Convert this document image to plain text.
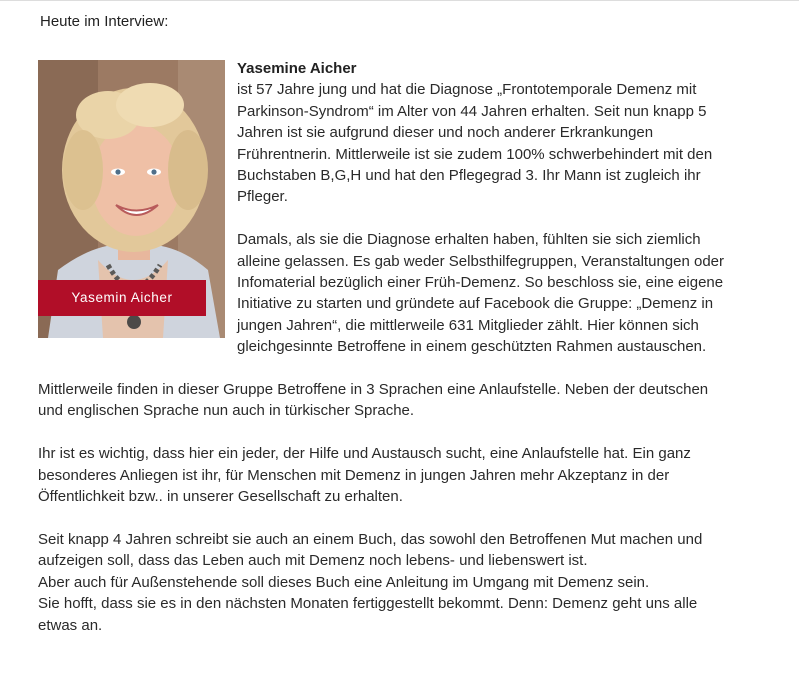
Heute im Interview:
Yasemin Aicher
Yasemine Aicher

ist 57 Jahre jung und hat die Diagnose „Frontotemporale Demenz mit Parkinson-Syndrom“ im Alter von 44 Jahren erhalten. Seit nun knapp 5 Jahren ist sie aufgrund dieser und noch anderer Erkrankungen Frührentnerin. Mittlerweile ist sie zudem 100% schwerbehindert mit den Buchstaben B,G,H und hat den Pflegegrad 3. Ihr Mann ist zugleich ihr Pfleger.

Damals, als sie die Diagnose erhalten haben, fühlten sie sich ziemlich alleine gelassen. Es gab weder Selbsthilfegruppen, Veranstaltungen oder Infomaterial bezüglich einer Früh-Demenz. So beschloss sie, eine eigene Initiative zu starten und gründete auf Facebook die Gruppe: „Demenz in jungen Jahren“, die mittlerweile 631 Mitglieder zählt. Hier können sich gleichgesinnte Betroffene in einem geschützten Rahmen austauschen.

Mittlerweile finden in dieser Gruppe Betroffene in 3 Sprachen eine Anlaufstelle. Neben der deutschen und englischen Sprache nun auch in türkischer Sprache.

Ihr ist es wichtig, dass hier ein jeder, der Hilfe und Austausch sucht, eine Anlaufstelle hat. Ein ganz besonderes Anliegen ist ihr, für Menschen mit Demenz in jungen Jahren mehr Akzeptanz in der Öffentlichkeit bzw.. in unserer Gesellschaft zu erhalten.

Seit knapp 4 Jahren schreibt sie auch an einem Buch, das sowohl den Betroffenen Mut machen und aufzeigen soll, dass das Leben auch mit Demenz noch lebens- und liebenswert ist.
Aber auch für Außenstehende soll dieses Buch eine Anleitung im Umgang mit Demenz sein.
Sie hofft, dass sie es in den nächsten Monaten fertiggestellt bekommt. Denn: Demenz geht uns alle etwas an.
